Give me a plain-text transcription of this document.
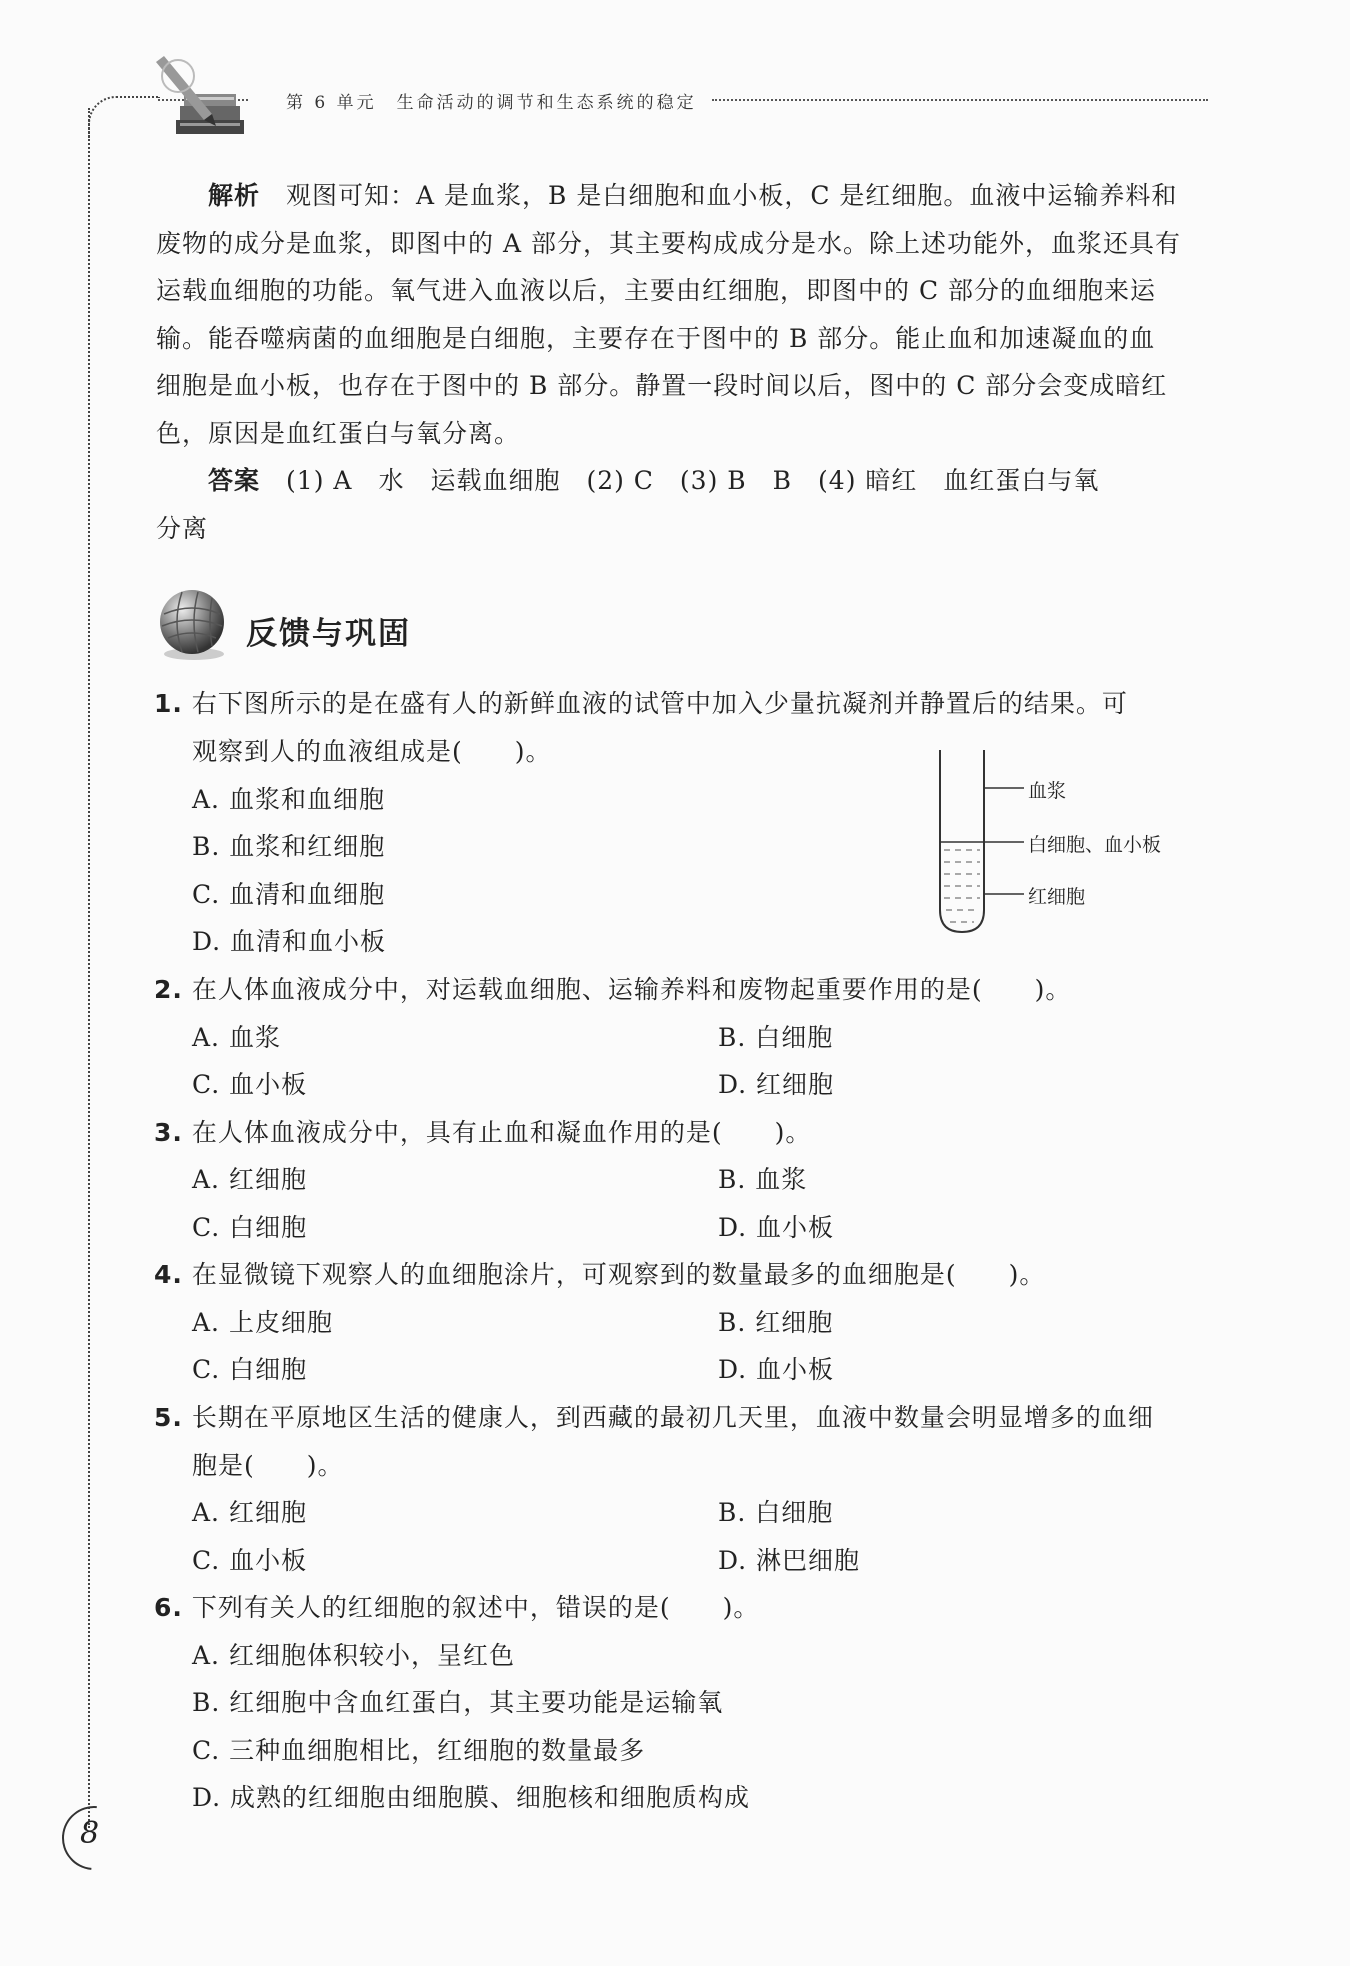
第 6 单元　生命活动的调节和生态系统的稳定
解析　 观图可知：A 是血浆，B 是白细胞和血小板，C 是红细胞。血液中运输养料和
废物的成分是血浆，即图中的 A 部分，其主要构成成分是水。除上述功能外，血浆还具有
运载血细胞的功能。氧气进入血液以后，主要由红细胞，即图中的 C 部分的血细胞来运
输。能吞噬病菌的血细胞是白细胞，主要存在于图中的 B 部分。能止血和加速凝血的血
细胞是血小板，也存在于图中的 B 部分。静置一段时间以后，图中的 C 部分会变成暗红
色，原因是血红蛋白与氧分离。
答案　 (1) A　水　运载血细胞　(2) C　(3) B　B　(4) 暗红　血红蛋白与氧
分离
反馈与巩固
1. 右下图所示的是在盛有人的新鲜血液的试管中加入少量抗凝剂并静置后的结果。可
观察到人的血液组成是(　　)。
A. 血浆和血细胞
B. 血浆和红细胞
C. 血清和血细胞
D. 血清和血小板
血浆
白细胞、血小板
红细胞
2. 在人体血液成分中，对运载血细胞、运输养料和废物起重要作用的是(　　)。
A. 血浆	B. 白细胞
C. 血小板	D. 红细胞
3. 在人体血液成分中，具有止血和凝血作用的是(　　)。
A. 红细胞	B. 血浆
C. 白细胞	D. 血小板
4. 在显微镜下观察人的血细胞涂片，可观察到的数量最多的血细胞是(　　)。
A. 上皮细胞	B. 红细胞
C. 白细胞	D. 血小板
5. 长期在平原地区生活的健康人，到西藏的最初几天里，血液中数量会明显增多的血细
胞是(　　)。
A. 红细胞	B. 白细胞
C. 血小板	D. 淋巴细胞
6. 下列有关人的红细胞的叙述中，错误的是(　　)。
A. 红细胞体积较小，呈红色
B. 红细胞中含血红蛋白，其主要功能是运输氧
C. 三种血细胞相比，红细胞的数量最多
D. 成熟的红细胞由细胞膜、细胞核和细胞质构成
8
